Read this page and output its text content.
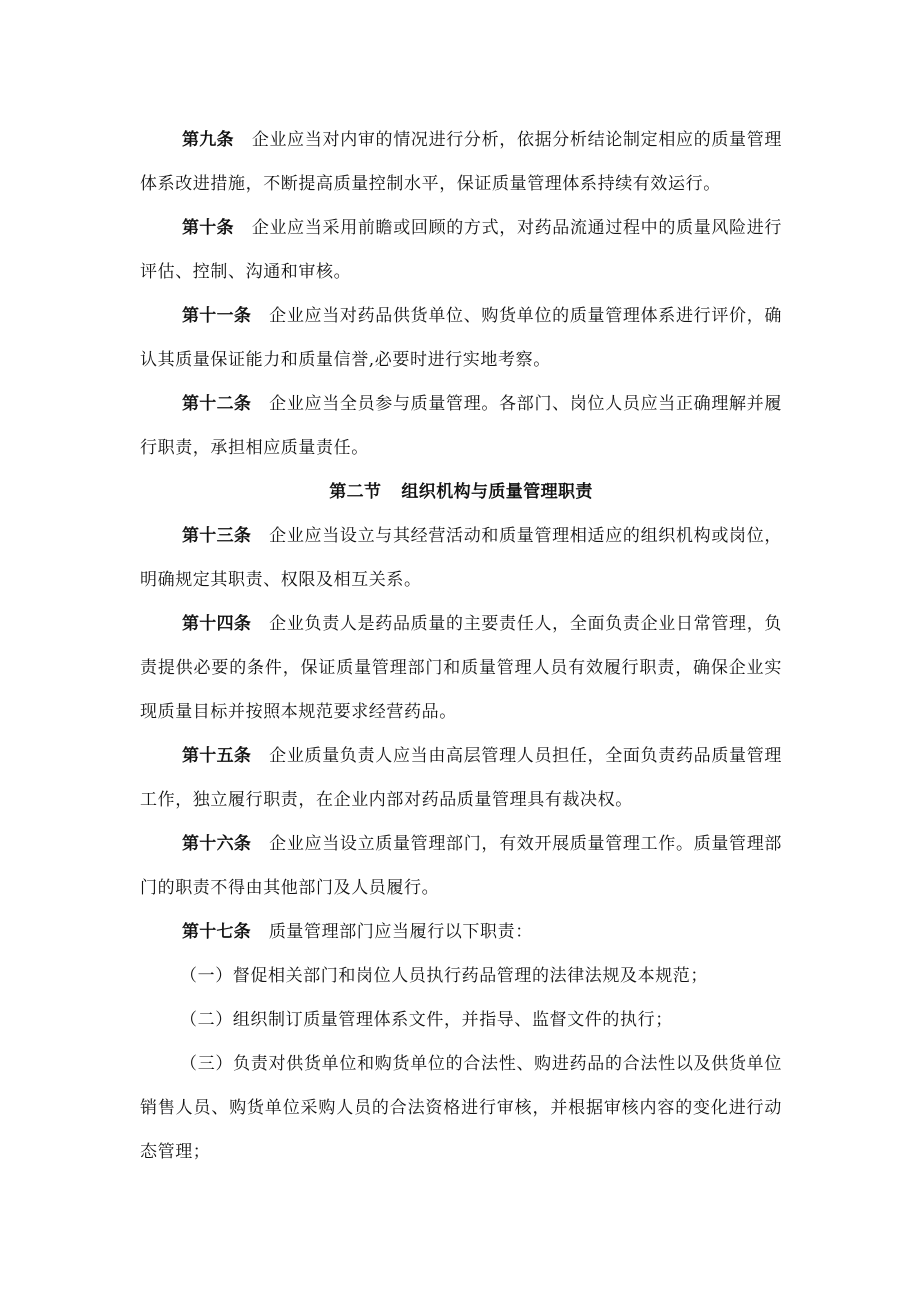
第九条 企业应当对内审的情况进行分析，依据分析结论制定相应的质量管理体系改进措施，不断提高质量控制水平，保证质量管理体系持续有效运行。

第十条 企业应当采用前瞻或回顾的方式，对药品流通过程中的质量风险进行评估、控制、沟通和审核。

第十一条 企业应当对药品供货单位、购货单位的质量管理体系进行评价，确认其质量保证能力和质量信誉,必要时进行实地考察。

第十二条 企业应当全员参与质量管理。各部门、岗位人员应当正确理解并履行职责，承担相应质量责任。

第二节 组织机构与质量管理职责

第十三条 企业应当设立与其经营活动和质量管理相适应的组织机构或岗位，明确规定其职责、权限及相互关系。

第十四条 企业负责人是药品质量的主要责任人，全面负责企业日常管理，负责提供必要的条件，保证质量管理部门和质量管理人员有效履行职责，确保企业实现质量目标并按照本规范要求经营药品。

第十五条 企业质量负责人应当由高层管理人员担任，全面负责药品质量管理工作，独立履行职责，在企业内部对药品质量管理具有裁决权。

第十六条 企业应当设立质量管理部门，有效开展质量管理工作。质量管理部门的职责不得由其他部门及人员履行。

第十七条 质量管理部门应当履行以下职责：

（一）督促相关部门和岗位人员执行药品管理的法律法规及本规范；

（二）组织制订质量管理体系文件，并指导、监督文件的执行；

（三）负责对供货单位和购货单位的合法性、购进药品的合法性以及供货单位销售人员、购货单位采购人员的合法资格进行审核，并根据审核内容的变化进行动态管理；
